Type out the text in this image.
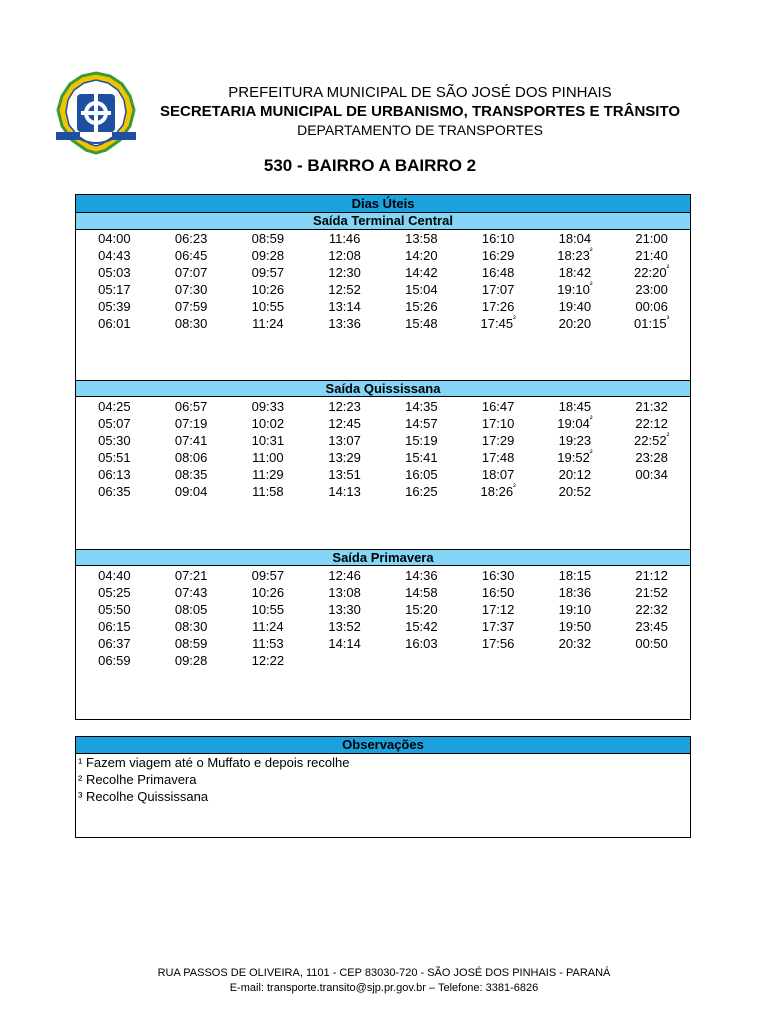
PREFEITURA MUNICIPAL DE SÃO JOSÉ DOS PINHAIS
SECRETARIA MUNICIPAL DE URBANISMO, TRANSPORTES E TRÂNSITO
DEPARTAMENTO DE TRANSPORTES
530 - BAIRRO A BAIRRO 2
Dias Úteis
Saída Terminal Central
04:00	06:23	08:59	11:46	13:58	16:10	18:04	21:00
04:43	06:45	09:28	12:08	14:20	16:29	$18:23^{^2}$	21:40
05:03	07:07	09:57	12:30	14:42	16:48	18:42	$22:20^{^2}$
05:17	07:30	10:26	12:52	15:04	17:07	$19:10^{^2}$	23:00
05:39	07:59	10:55	13:14	15:26	17:26	19:40	00:06
06:01	08:30	11:24	13:36	15:48	$17:45^{^2}$	20:20	$01:15^{^3}$
Saída Quississana
04:25	06:57	09:33	12:23	14:35	16:47	18:45	21:32
05:07	07:19	10:02	12:45	14:57	17:10	$19:04^{^2}$	22:12
05:30	07:41	10:31	13:07	15:19	17:29	19:23	$22:52^{^2}$
05:51	08:06	11:00	13:29	15:41	17:48	$19:52^{^2}$	23:28
06:13	08:35	11:29	13:51	16:05	18:07	20:12	00:34
06:35	09:04	11:58	14:13	16:25	$18:26^{^2}$	20:52
Saída Primavera
04:40	07:21	09:57	12:46	14:36	16:30	18:15	21:12
05:25	07:43	10:26	13:08	14:58	16:50	18:36	21:52
05:50	08:05	10:55	13:30	15:20	17:12	19:10	22:32
06:15	08:30	11:24	13:52	15:42	17:37	19:50	23:45
06:37	08:59	11:53	14:14	16:03	17:56	20:32	00:50
06:59	09:28	12:22
Observações
¹ Fazem viagem até o Muffato e depois recolhe
² Recolhe Primavera
³ Recolhe Quississana
RUA PASSOS DE OLIVEIRA, 1101 - CEP 83030-720 - SÃO JOSÉ DOS PINHAIS - PARANÁ
E-mail: transporte.transito@sjp.pr.gov.br – Telefone: 3381-6826
